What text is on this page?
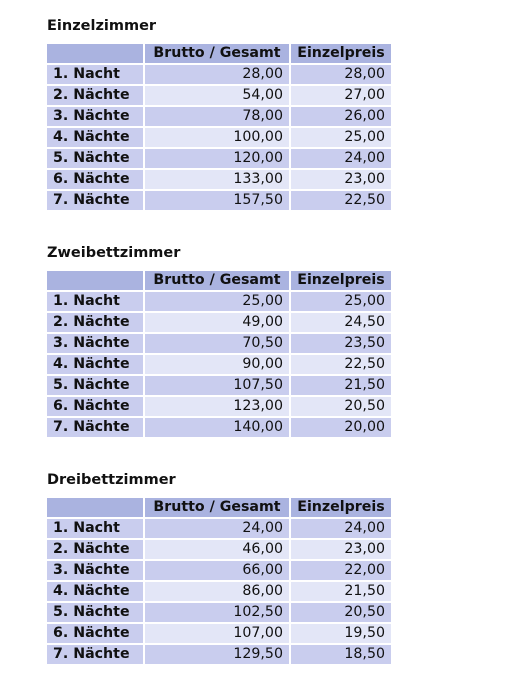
Einzelzimmer
	Brutto / Gesamt	Einzelpreis
1. Nacht	28,00	28,00
2. Nächte	54,00	27,00
3. Nächte	78,00	26,00
4. Nächte	100,00	25,00
5. Nächte	120,00	24,00
6. Nächte	133,00	23,00
7. Nächte	157,50	22,50
Zweibettzimmer
	Brutto / Gesamt	Einzelpreis
1. Nacht	25,00	25,00
2. Nächte	49,00	24,50
3. Nächte	70,50	23,50
4. Nächte	90,00	22,50
5. Nächte	107,50	21,50
6. Nächte	123,00	20,50
7. Nächte	140,00	20,00
Dreibettzimmer
	Brutto / Gesamt	Einzelpreis
1. Nacht	24,00	24,00
2. Nächte	46,00	23,00
3. Nächte	66,00	22,00
4. Nächte	86,00	21,50
5. Nächte	102,50	20,50
6. Nächte	107,00	19,50
7. Nächte	129,50	18,50
